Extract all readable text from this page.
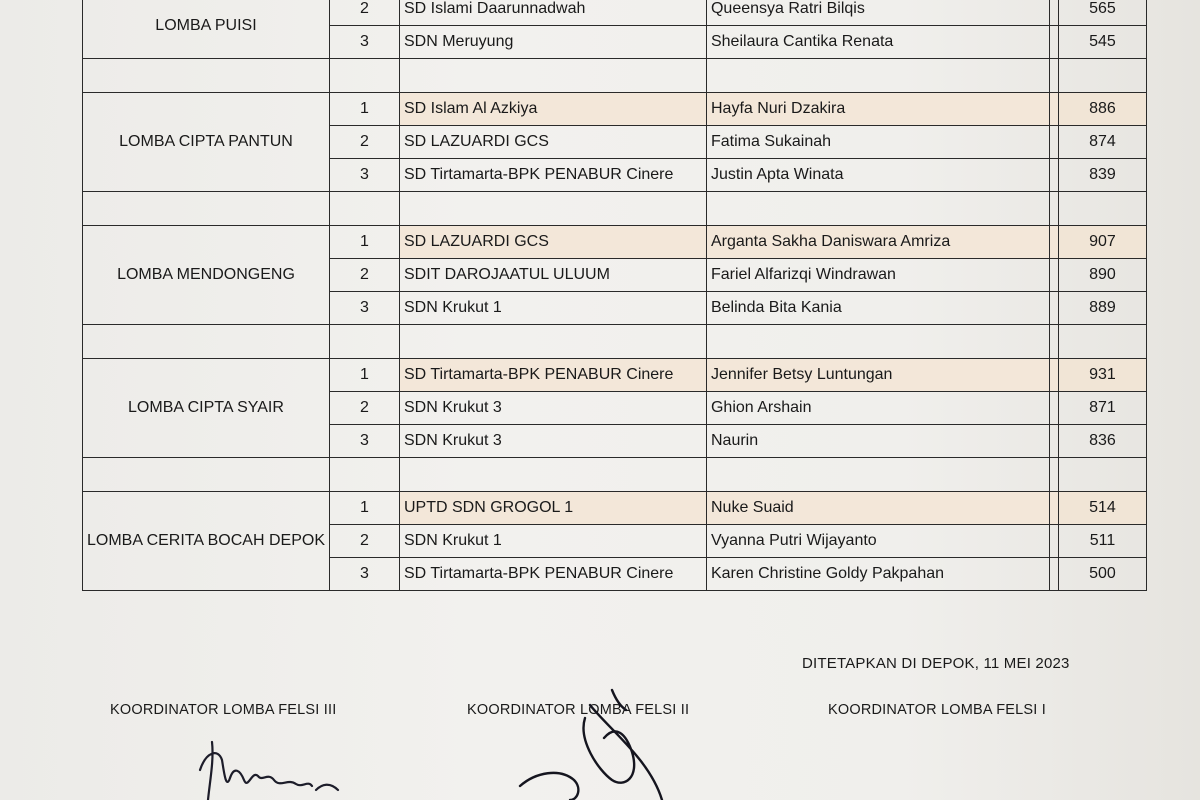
LOMBA PUISI	2	SD Islami Daarunnadwah	Queensya Ratri Bilqis		565
	3	SDN Meruyung	Sheilaura Cantika Renata		545

LOMBA CIPTA PANTUN	1	SD Islam Al Azkiya	Hayfa Nuri Dzakira		886
	2	SD LAZUARDI GCS	Fatima Sukainah		874
	3	SD Tirtamarta-BPK PENABUR Cinere	Justin Apta Winata		839

LOMBA MENDONGENG	1	SD LAZUARDI GCS	Arganta Sakha Daniswara Amriza		907
	2	SDIT DAROJAATUL ULUUM	Fariel Alfarizqi Windrawan		890
	3	SDN Krukut 1	Belinda Bita Kania		889

LOMBA CIPTA SYAIR	1	SD Tirtamarta-BPK PENABUR Cinere	Jennifer Betsy Luntungan		931
	2	SDN Krukut 3	Ghion Arshain		871
	3	SDN Krukut 3	Naurin		836

LOMBA CERITA BOCAH DEPOK	1	UPTD SDN GROGOL 1	Nuke Suaid		514
	2	SDN Krukut 1	Vyanna Putri Wijayanto		511
	3	SD Tirtamarta-BPK PENABUR Cinere	Karen Christine Goldy Pakpahan		500
DITETAPKAN DI DEPOK, 11 MEI 2023
KOORDINATOR LOMBA FELSI III	KOORDINATOR LOMBA FELSI II	KOORDINATOR LOMBA FELSI I
